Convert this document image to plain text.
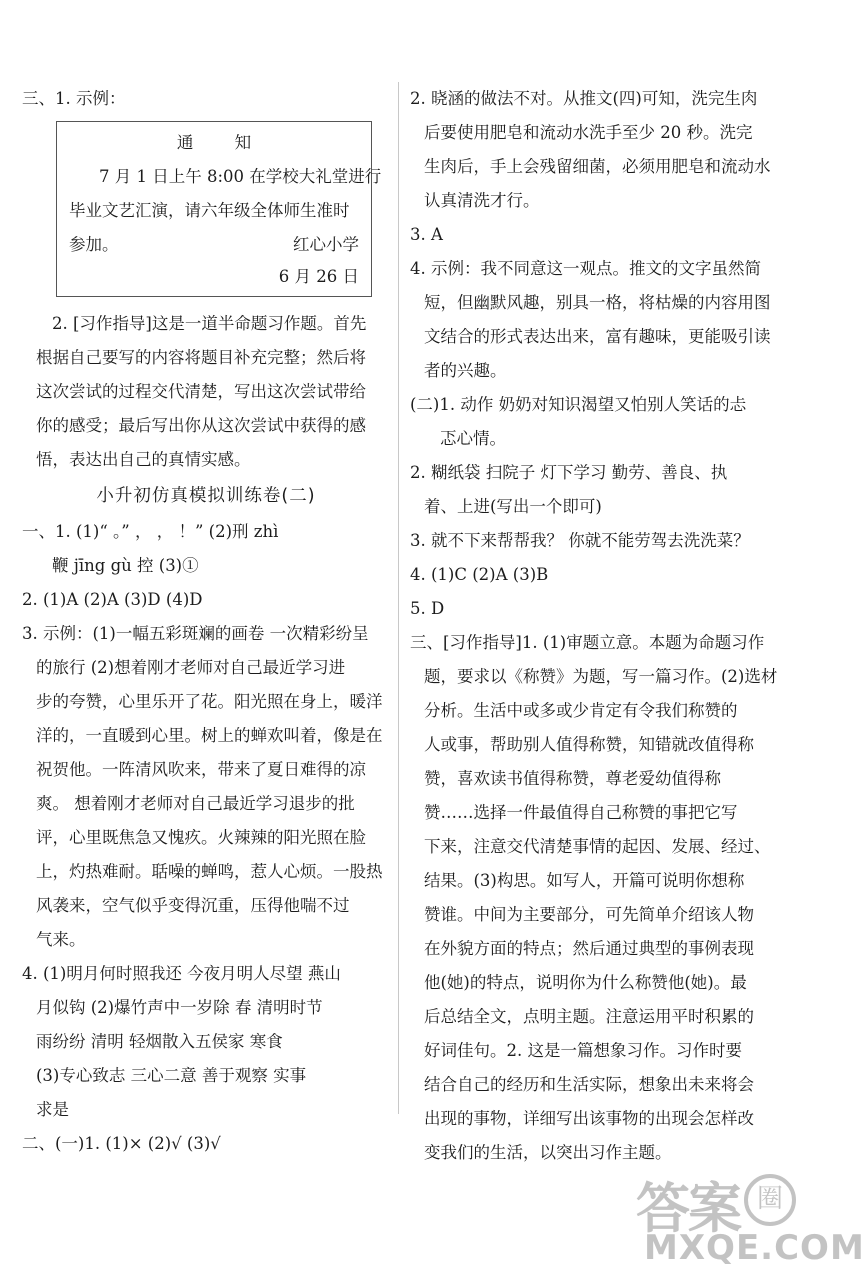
三、1. 示例：
通 知
7 月 1 日上午 8:00 在学校大礼堂进行
毕业文艺汇演，请六年级全体师生准时
参加。	红心小学
6 月 26 日
2. [习作指导]这是一道半命题习作题。首先
根据自己要写的内容将题目补充完整；然后将
这次尝试的过程交代清楚，写出这次尝试带给
你的感受；最后写出你从这次尝试中获得的感
悟，表达出自己的真情实感。
小升初仿真模拟训练卷(二)
一、1. (1)“ 。” ， ， ！” (2)刑 zhì
鞭 jīng gù 控 (3)①
2. (1)A (2)A (3)D (4)D
3. 示例：(1)一幅五彩斑斓的画卷 一次精彩纷呈
的旅行 (2)想着刚才老师对自己最近学习进
步的夸赞，心里乐开了花。阳光照在身上，暖洋
洋的，一直暖到心里。树上的蝉欢叫着，像是在
祝贺他。一阵清风吹来，带来了夏日难得的凉
爽。 想着刚才老师对自己最近学习退步的批
评，心里既焦急又愧疚。火辣辣的阳光照在脸
上，灼热难耐。聒噪的蝉鸣，惹人心烦。一股热
风袭来，空气似乎变得沉重，压得他喘不过
气来。
4. (1)明月何时照我还 今夜月明人尽望 燕山
月似钩 (2)爆竹声中一岁除 春 清明时节
雨纷纷 清明 轻烟散入五侯家 寒食
(3)专心致志 三心二意 善于观察 实事
求是
二、(一)1. (1)× (2)√ (3)√
2. 晓涵的做法不对。从推文(四)可知，洗完生肉
后要使用肥皂和流动水洗手至少 20 秒。洗完
生肉后，手上会残留细菌，必须用肥皂和流动水
认真清洗才行。
3. A
4. 示例：我不同意这一观点。推文的文字虽然简
短，但幽默风趣，别具一格，将枯燥的内容用图
文结合的形式表达出来，富有趣味，更能吸引读
者的兴趣。
(二)1. 动作 奶奶对知识渴望又怕别人笑话的忐
忑心情。
2. 糊纸袋 扫院子 灯下学习 勤劳、善良、执
着、上进(写出一个即可)
3. 就不下来帮帮我？ 你就不能劳驾去洗洗菜？
4. (1)C (2)A (3)B
5. D
三、[习作指导]1. (1)审题立意。本题为命题习作
题，要求以《称赞》为题，写一篇习作。(2)选材
分析。生活中或多或少肯定有令我们称赞的
人或事，帮助别人值得称赞，知错就改值得称
赞，喜欢读书值得称赞，尊老爱幼值得称
赞……选择一件最值得自己称赞的事把它写
下来，注意交代清楚事情的起因、发展、经过、
结果。(3)构思。如写人，开篇可说明你想称
赞谁。中间为主要部分，可先简单介绍该人物
在外貌方面的特点；然后通过典型的事例表现
他(她)的特点，说明你为什么称赞他(她)。最
后总结全文，点明主题。注意运用平时积累的
好词佳句。2. 这是一篇想象习作。习作时要
结合自己的经历和生活实际，想象出未来将会
出现的事物，详细写出该事物的出现会怎样改
变我们的生活，以突出习作主题。
答案 圈
MXQE.COM
